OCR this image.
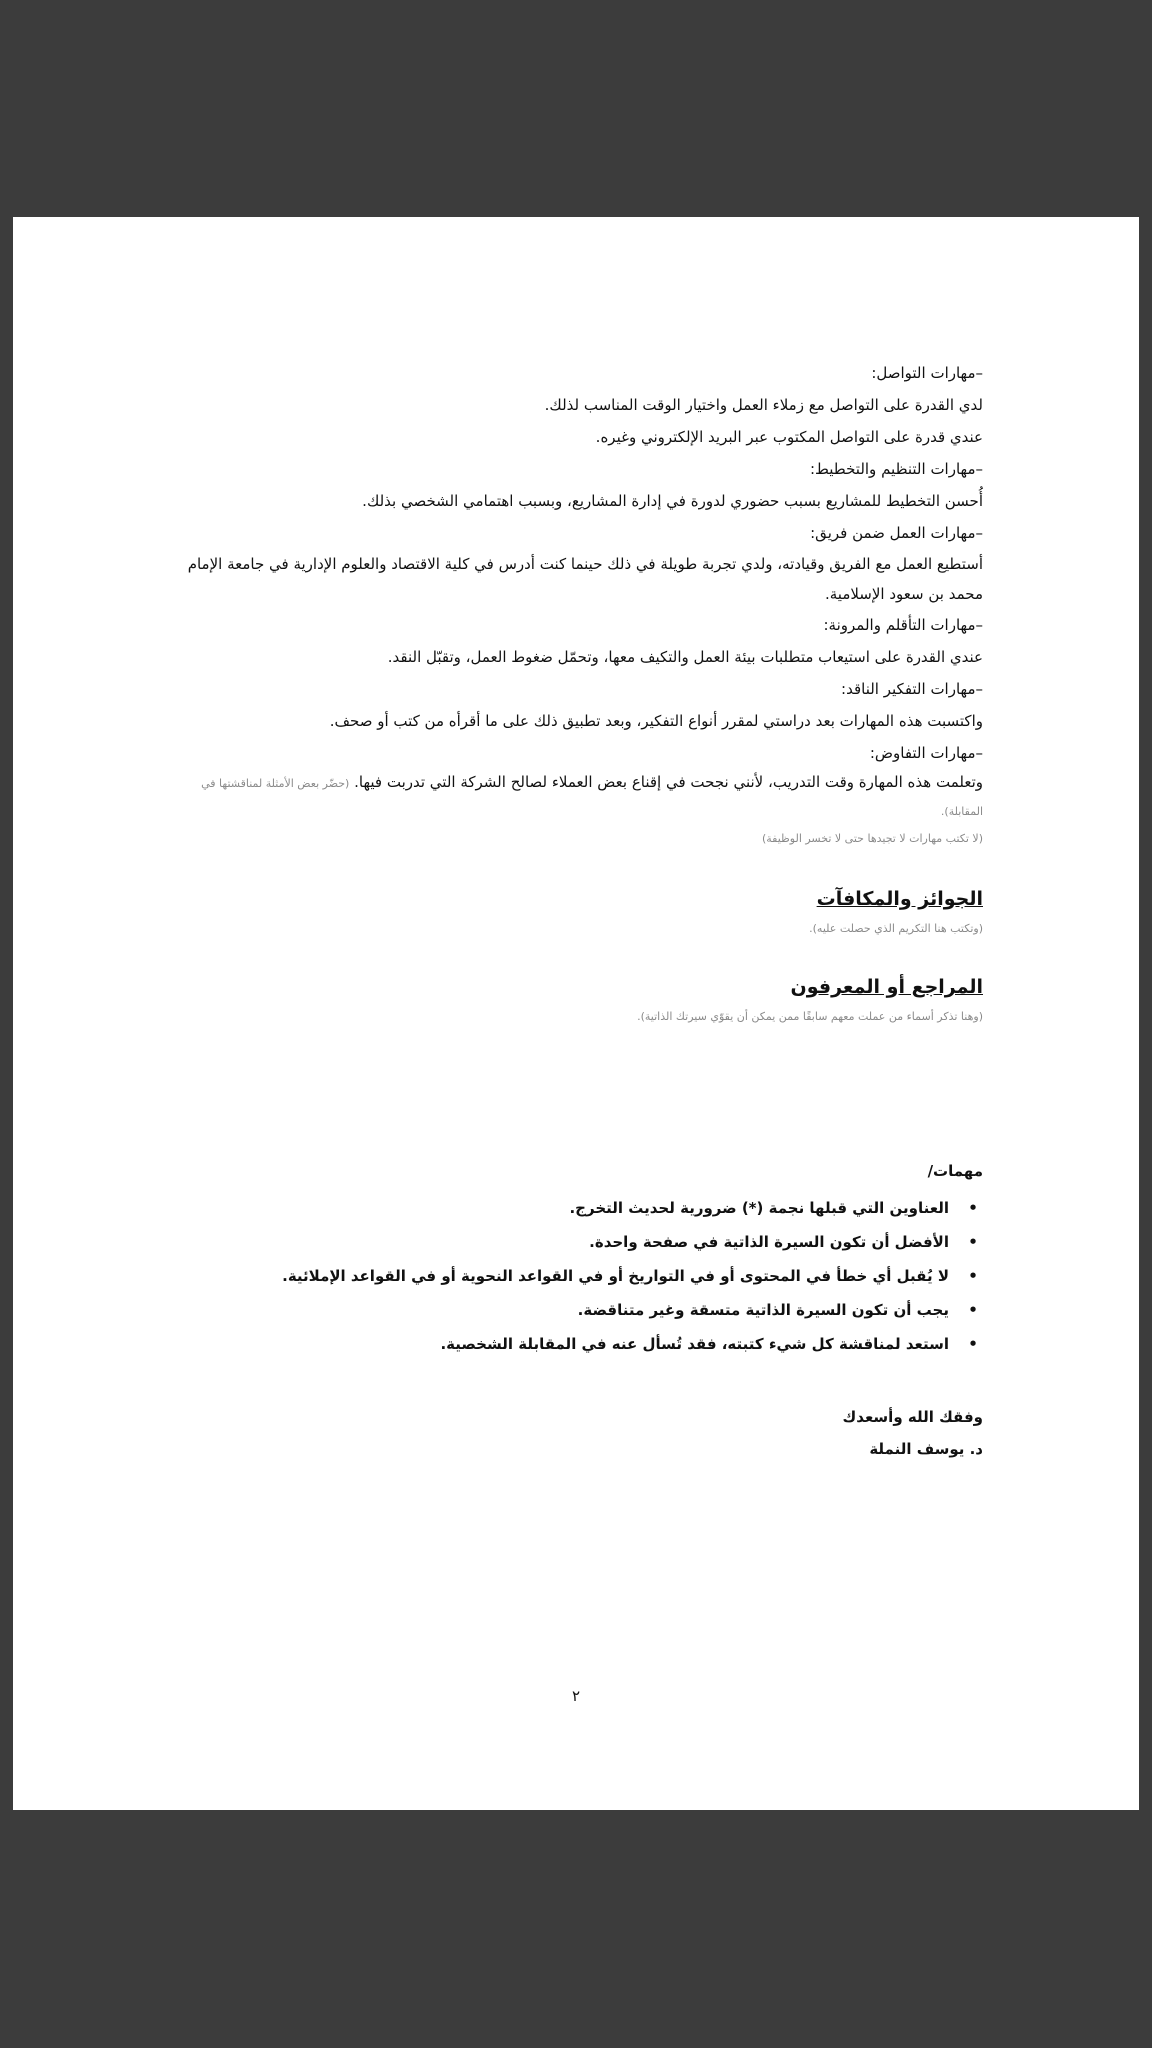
–مهارات التواصل:
لدي القدرة على التواصل مع زملاء العمل واختيار الوقت المناسب لذلك.
عندي قدرة على التواصل المكتوب عبر البريد الإلكتروني وغيره.
–مهارات التنظيم والتخطيط:
أُحسن التخطيط للمشاريع بسبب حضوري لدورة في إدارة المشاريع، وبسبب اهتمامي الشخصي بذلك.
–مهارات العمل ضمن فريق:
أستطيع العمل مع الفريق وقيادته، ولدي تجربة طويلة في ذلك حينما كنت أدرس في كلية الاقتصاد والعلوم الإدارية في جامعة الإمام محمد بن سعود الإسلامية.
–مهارات التأقلم والمرونة:
عندي القدرة على استيعاب متطلبات بيئة العمل والتكيف معها، وتحمّل ضغوط العمل، وتقبّل النقد.
–مهارات التفكير الناقد:
واكتسبت هذه المهارات بعد دراستي لمقرر أنواع التفكير، وبعد تطبيق ذلك على ما أقرأه من كتب أو صحف.
–مهارات التفاوض:
وتعلمت هذه المهارة وقت التدريب، لأنني نجحت في إقناع بعض العملاء لصالح الشركة التي تدربت فيها. (حضّر بعض الأمثلة لمناقشتها في المقابلة).
(لا تكتب مهارات لا تجيدها حتى لا تخسر الوظيفة)
الجوائز والمكافآت
(وتكتب هنا التكريم الذي حصلت عليه).
المراجع أو المعرفون
(وهنا تذكر أسماء من عملت معهم سابقًا ممن يمكن أن يقوّي سيرتك الذاتية).
مهمات/
•
العناوين التي قبلها نجمة (*) ضرورية لحديث التخرج.
•
الأفضل أن تكون السيرة الذاتية في صفحة واحدة.
•
لا يُقبل أي خطأ في المحتوى أو في التواريخ أو في القواعد النحوية أو في القواعد الإملائية.
•
يجب أن تكون السيرة الذاتية متسقة وغير متناقضة.
•
استعد لمناقشة كل شيء كتبته، فقد تُسأل عنه في المقابلة الشخصية.
وفقك الله وأسعدك
د. يوسف النملة
٢
